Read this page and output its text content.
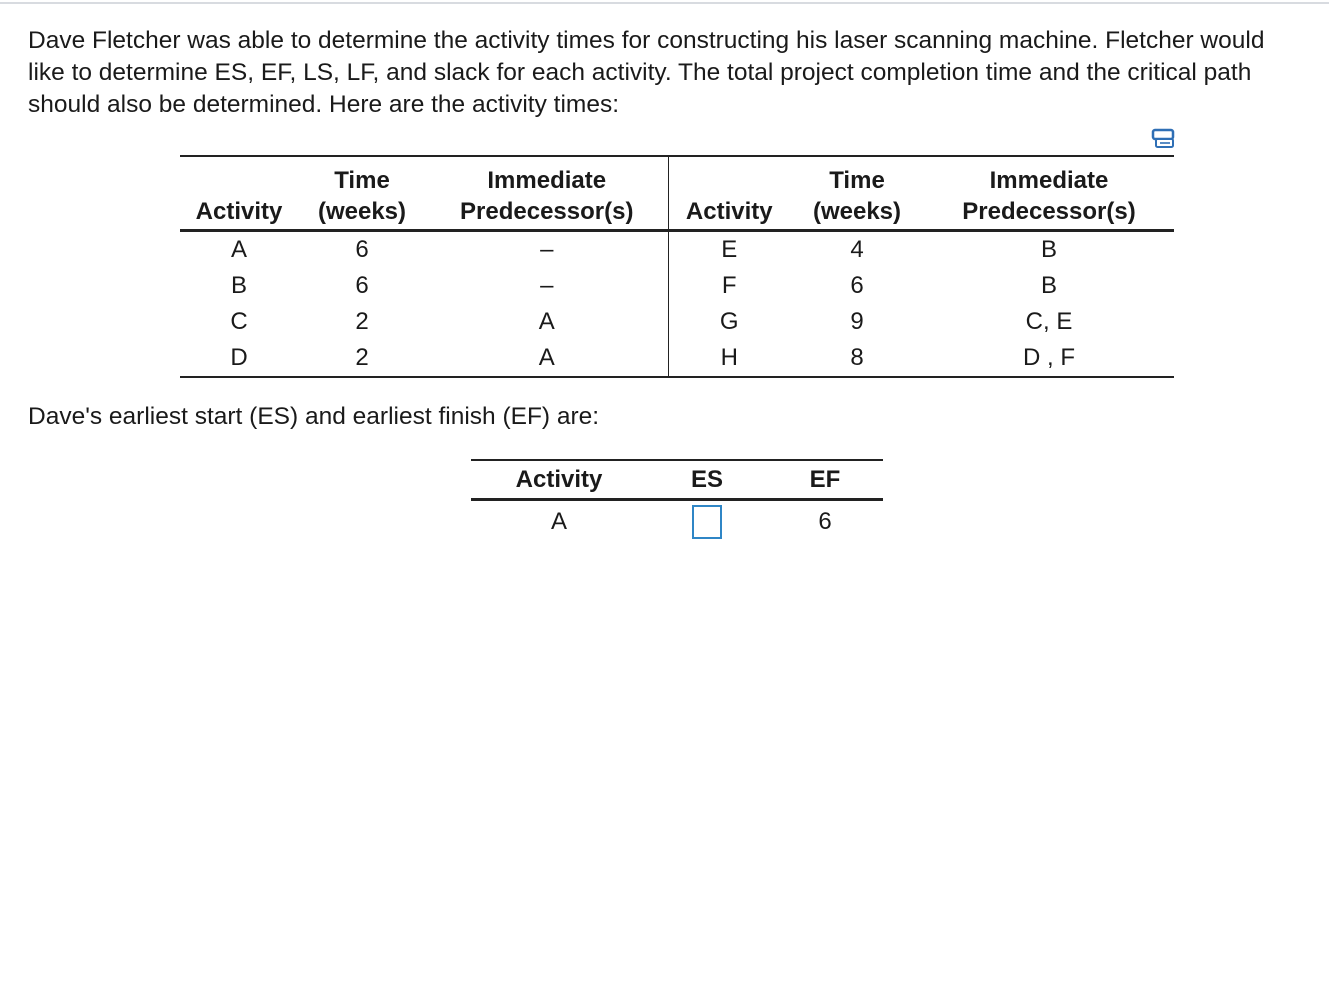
Dave Fletcher was able to determine the activity times for constructing his laser scanning machine. Fletcher would like to determine ES, EF, LS, LF, and slack for each activity. The total project completion time and the critical path should also be determined. Here are the activity times:

	Time	Immediate		Time	Immediate
Activity	(weeks)	Predecessor(s)	Activity	(weeks)	Predecessor(s)
A	6	–	E	4	B
B	6	–	F	6	B
C	2	A	G	9	C, E
D	2	A	H	8	D , F

Dave's earliest start (ES) and earliest finish (EF) are:

Activity	ES	EF
A		6
